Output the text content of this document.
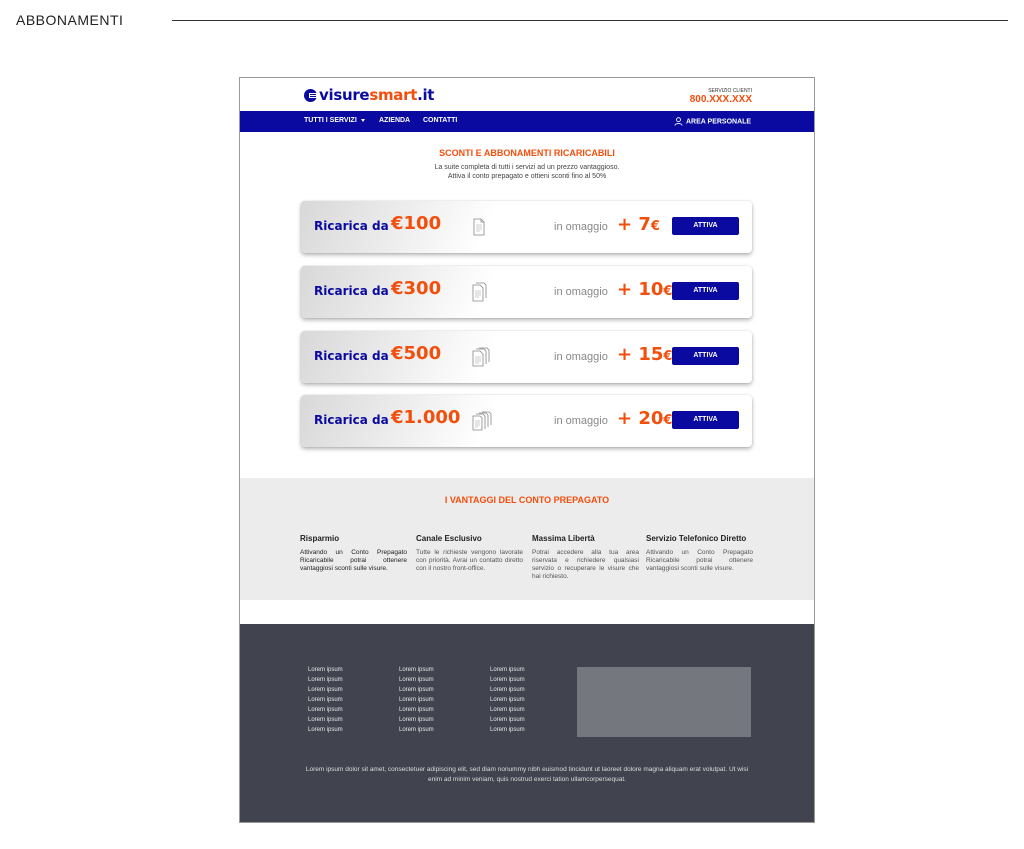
ABBONAMENTI
visuresmart.it	SERVIZIO CLIENTI
800.XXX.XXX
TUTTI I SERVIZI	AZIENDA CONTATTI	AREA PERSONALE
SCONTI E ABBONAMENTI RICARICABILI
La suite completa di tutti i servizi ad un prezzo vantaggioso.
Attiva il conto prepagato e ottieni sconti fino al 50%
Ricarica da €100	in omaggio + 7€	ATTIVA
Ricarica da €300	in omaggio + 10€	ATTIVA
Ricarica da €500	in omaggio + 15€	ATTIVA
Ricarica da €1.000	in omaggio + 20€	ATTIVA
I VANTAGGI DEL CONTO PREPAGATO
Risparmio
Attivando un Conto Prepagato Ricaricabile potrai ottenere vantaggiosi sconti sulle visure.
Canale Esclusivo
Tutte le richieste vengono lavorate con priorità. Avrai un contatto diretto con il nostro front-office.
Massima Libertà
Potrai accedere alla tua area riservata e richiedere qualsiasi servizio o recuperare le visure che hai richiesto.
Servizio Telefonico Diretto
Attivando un Conto Prepagato Ricaricabile potrai ottenere vantaggiosi sconti sulle visure.
Lorem ipsum
Lorem ipsum
Lorem ipsum
Lorem ipsum
Lorem ipsum
Lorem ipsum
Lorem ipsum
Lorem ipsum
Lorem ipsum
Lorem ipsum
Lorem ipsum
Lorem ipsum
Lorem ipsum
Lorem ipsum
Lorem ipsum
Lorem ipsum
Lorem ipsum
Lorem ipsum
Lorem ipsum
Lorem ipsum
Lorem ipsum
Lorem ipsum dolor sit amet, consectetuer adipiscing elit, sed diam nonummy nibh euismod tincidunt ut laoreet dolore magna aliquam erat volutpat. Ut wisi enim ad minim veniam, quis nostrud exerci tation ullamcorpersequat.
